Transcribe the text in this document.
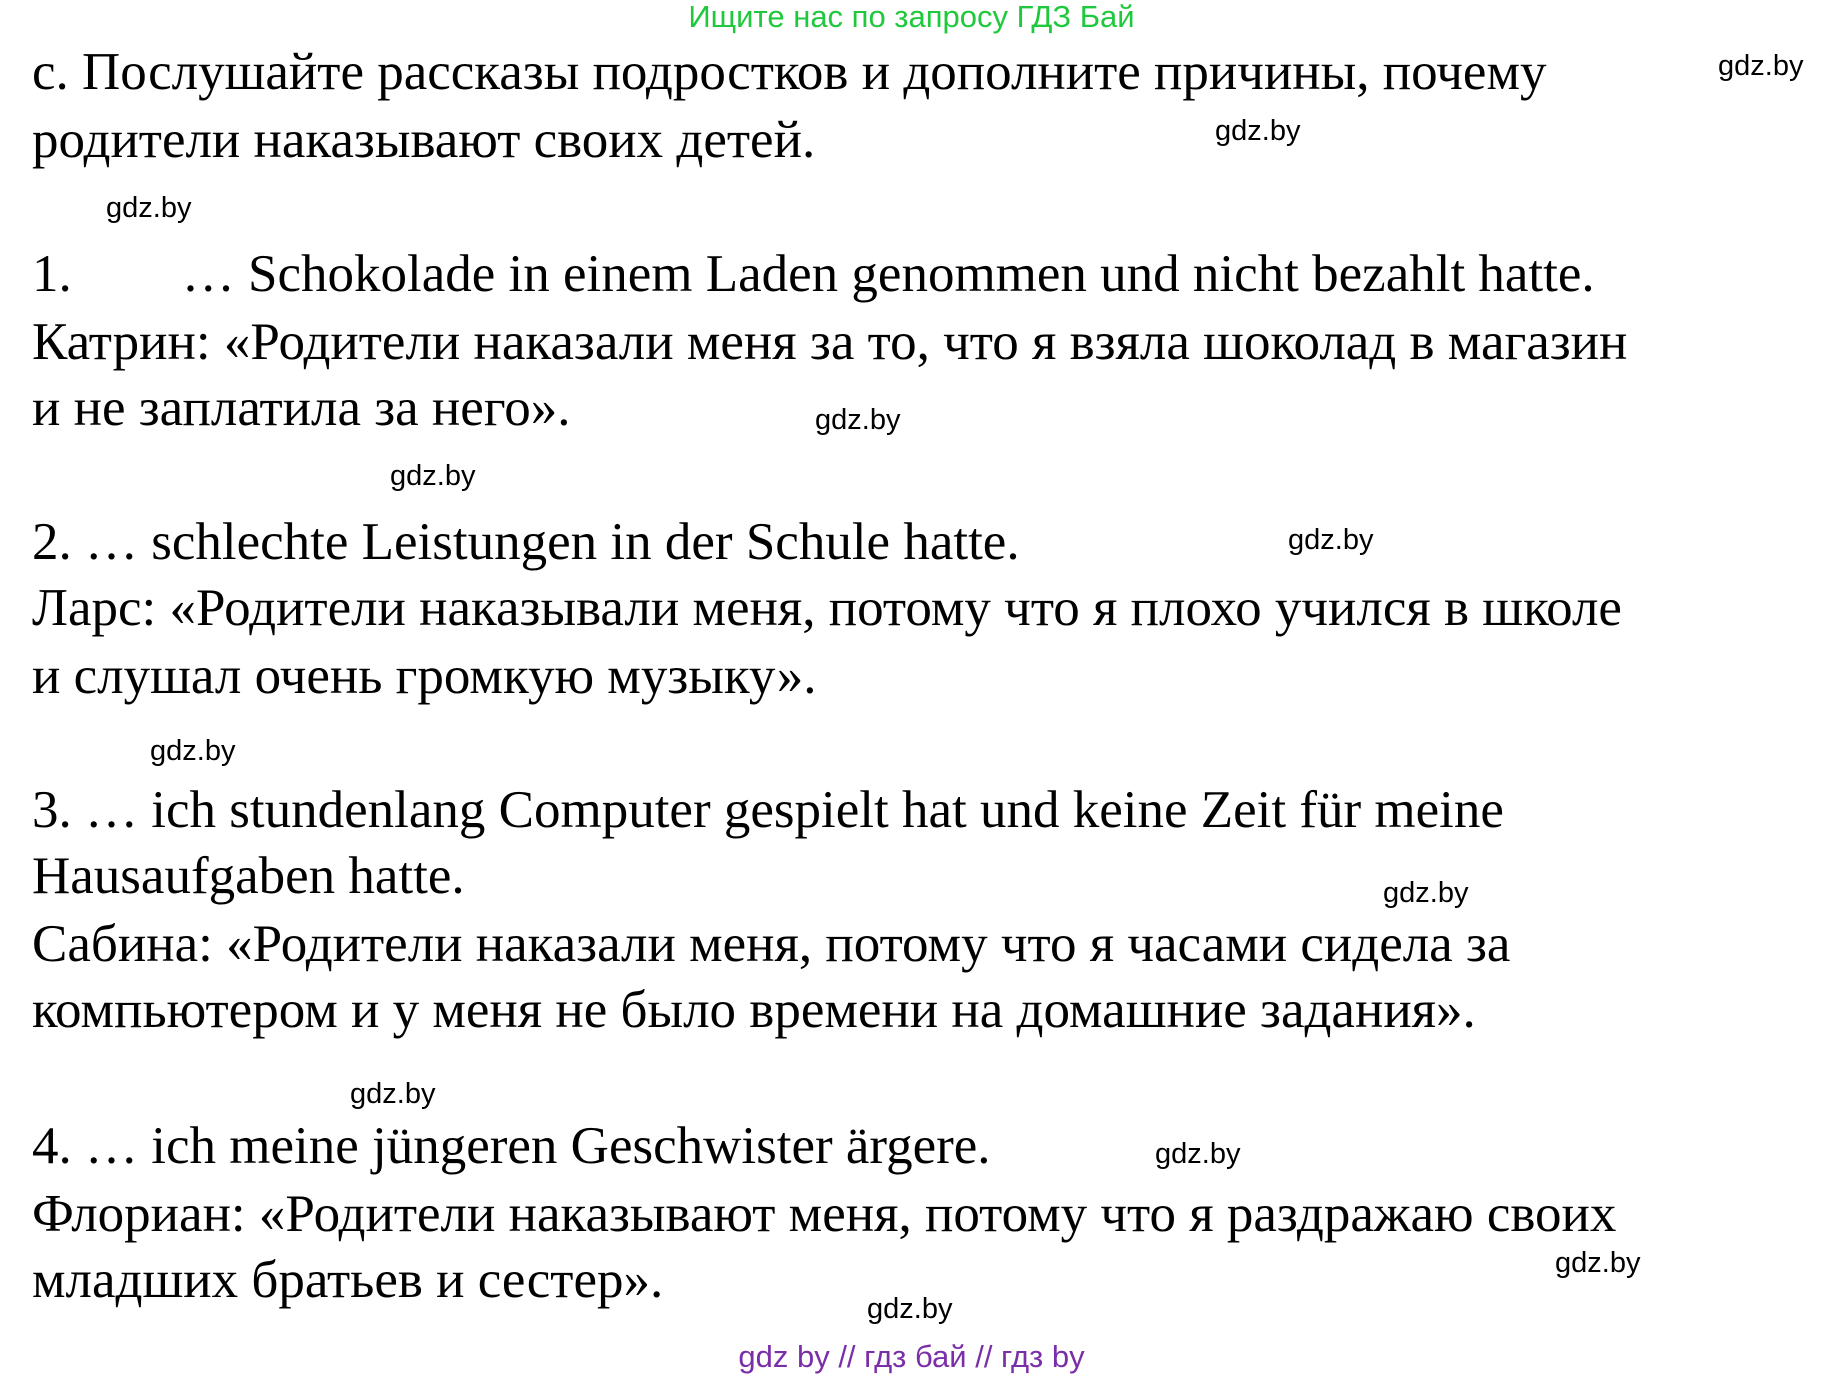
Ищите нас по запросу ГДЗ Бай
c. Послушайте рассказы подростков и дополните причины, почему
родители наказывают своих детей.
1. … Schokolade in einem Laden genommen und nicht bezahlt hatte.
Катрин: «Родители наказали меня за то, что я взяла шоколад в магазин
и не заплатила за него».
2. … schlechte Leistungen in der Schule hatte.
Ларс: «Родители наказывали меня, потому что я плохо учился в школе
и слушал очень громкую музыку».
3. … ich stundenlang Computer gespielt hat und keine Zeit für meine
Hausaufgaben hatte.
Сабина: «Родители наказали меня, потому что я часами сидела за
компьютером и у меня не было времени на домашние задания».
4. … ich meine jüngeren Geschwister ärgere.
Флориан: «Родители наказывают меня, потому что я раздражаю своих
младших братьев и сестер».
gdz.by
gdz.by
gdz.by
gdz.by
gdz.by
gdz.by
gdz.by
gdz.by
gdz.by
gdz.by
gdz.by
gdz.by
gdz by // гдз бай // гдз by
